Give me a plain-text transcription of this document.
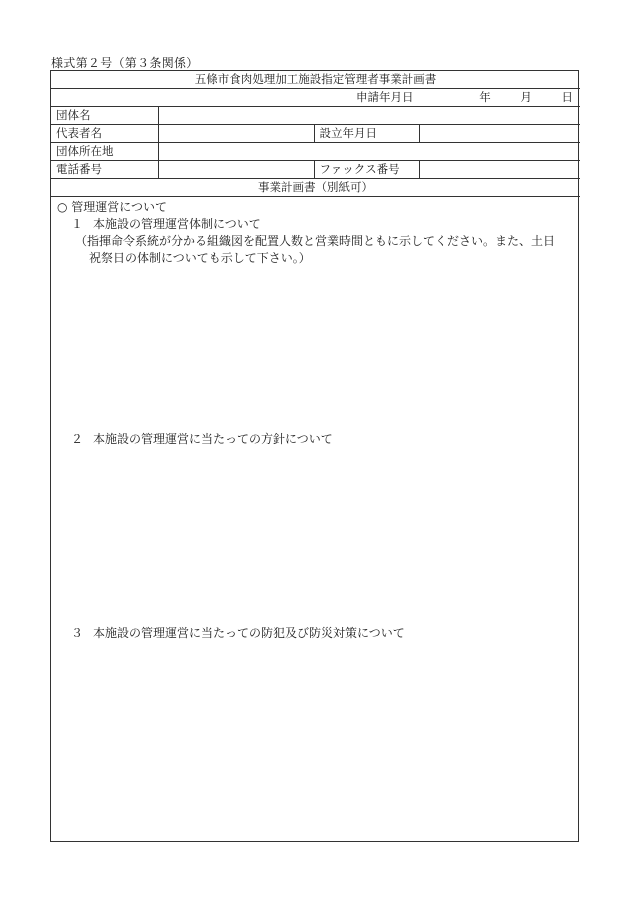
様式第２号（第３条関係）
五條市食肉処理加工施設指定管理者事業計画書			
申請年月日 年 月 日			
団体名			
代表者名		設立年月日	
団体所在地			
電話番号		ファックス番号	
事業計画書（別紙可）			
○ 管理運営について
１ 本施設の管理運営体制について
（指揮命令系統が分かる組織図を配置人数と営業時間ともに示してください。また、土日
祝祭日の体制についても示して下さい。）
２ 本施設の管理運営に当たっての方針について
３ 本施設の管理運営に当たっての防犯及び防災対策について
